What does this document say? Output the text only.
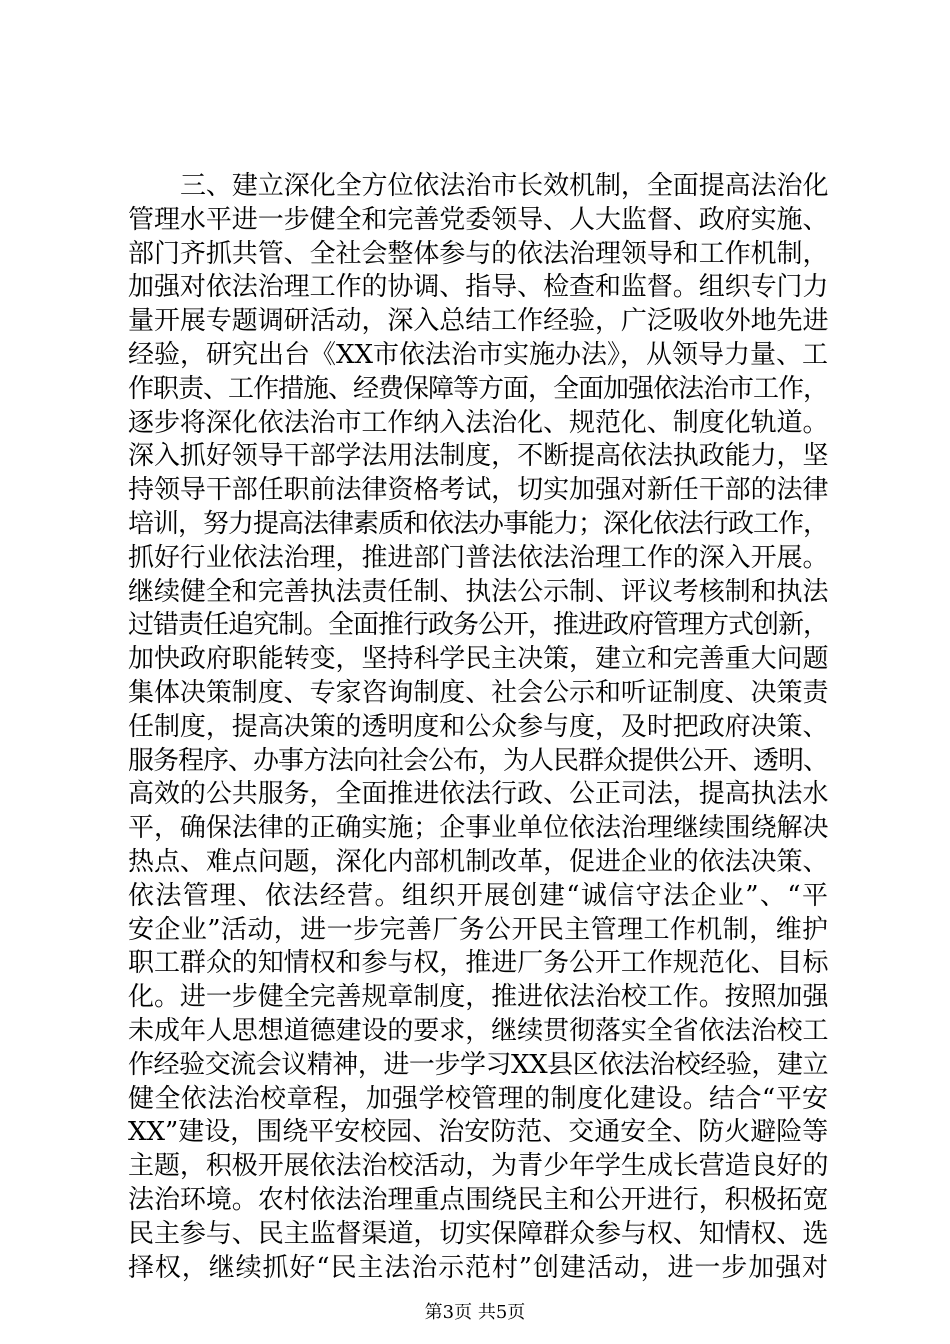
三、建立深化全方位依法治市长效机制，全面提高法治化
管理水平进一步健全和完善党委领导、人大监督、政府实施、
部门齐抓共管、全社会整体参与的依法治理领导和工作机制，
加强对依法治理工作的协调、指导、检查和监督。组织专门力
量开展专题调研活动，深入总结工作经验，广泛吸收外地先进
经验，研究出台《XX市依法治市实施办法》，从领导力量、工
作职责、工作措施、经费保障等方面，全面加强依法治市工作，
逐步将深化依法治市工作纳入法治化、规范化、制度化轨道。
深入抓好领导干部学法用法制度，不断提高依法执政能力，坚
持领导干部任职前法律资格考试，切实加强对新任干部的法律
培训，努力提高法律素质和依法办事能力；深化依法行政工作，
抓好行业依法治理，推进部门普法依法治理工作的深入开展。
继续健全和完善执法责任制、执法公示制、评议考核制和执法
过错责任追究制。全面推行政务公开，推进政府管理方式创新，
加快政府职能转变，坚持科学民主决策，建立和完善重大问题
集体决策制度、专家咨询制度、社会公示和听证制度、决策责
任制度，提高决策的透明度和公众参与度，及时把政府决策、
服务程序、办事方法向社会公布，为人民群众提供公开、透明、
高效的公共服务，全面推进依法行政、公正司法，提高执法水
平，确保法律的正确实施；企事业单位依法治理继续围绕解决
热点、难点问题，深化内部机制改革，促进企业的依法决策、
依法管理、依法经营。组织开展创建“诚信守法企业”、“平
安企业”活动，进一步完善厂务公开民主管理工作机制，维护
职工群众的知情权和参与权，推进厂务公开工作规范化、目标
化。进一步健全完善规章制度，推进依法治校工作。按照加强
未成年人思想道德建设的要求，继续贯彻落实全省依法治校工
作经验交流会议精神，进一步学习XX县区依法治校经验，建立
健全依法治校章程，加强学校管理的制度化建设。结合“平安
XX”建设，围绕平安校园、治安防范、交通安全、防火避险等
主题，积极开展依法治校活动，为青少年学生成长营造良好的
法治环境。农村依法治理重点围绕民主和公开进行，积极拓宽
民主参与、民主监督渠道，切实保障群众参与权、知情权、选
择权，继续抓好“民主法治示范村”创建活动，进一步加强对
第3页 共5页
